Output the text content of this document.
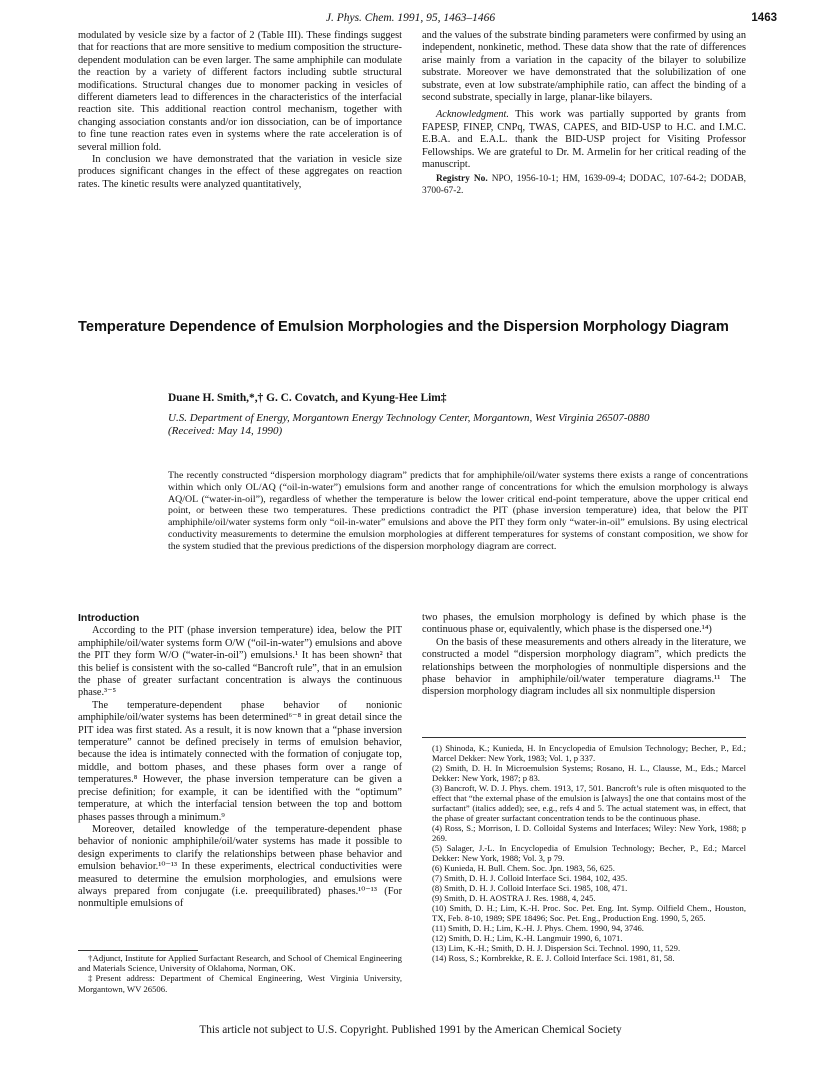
J. Phys. Chem. 1991, 95, 1463–1466	1463

modulated by vesicle size by a factor of 2 (Table III). These findings suggest that for reactions that are more sensitive to medium composition the structure-dependent modulation can be even larger. The same amphiphile can modulate the reaction by a variety of different factors including subtle structural modifications. Structural changes due to monomer packing in vesicles of different diameters lead to differences in the characteristics of the interfacial reaction site. This additional reaction control mechanism, together with changing association constants and/or ion dissociation, can be of importance to fine tune reaction rates even in systems where the rate acceleration is of several million fold.

In conclusion we have demonstrated that the variation in vesicle size produces significant changes in the effect of these aggregates on reaction rates. The kinetic results were analyzed quantitatively,

and the values of the substrate binding parameters were confirmed by using an independent, nonkinetic, method. These data show that the rate of differences arise mainly from a variation in the capacity of the bilayer to solubilize substrate. Moreover we have demonstrated that the solubilization of one substrate, even at low substrate/amphiphile ratio, can affect the binding of a second substrate, specially in large, planar-like bilayers.

Acknowledgment. This work was partially supported by grants from FAPESP, FINEP, CNPq, TWAS, CAPES, and BID-USP to H.C. and I.M.C. E.B.A. and E.A.L. thank the BID-USP project for Visiting Professor Fellowships. We are grateful to Dr. M. Armelin for her critical reading of the manuscript.

Registry No. NPO, 1956-10-1; HM, 1639-09-4; DODAC, 107-64-2; DODAB, 3700-67-2.

Temperature Dependence of Emulsion Morphologies and the Dispersion Morphology Diagram
Duane H. Smith,*,† G. C. Covatch, and Kyung-Hee Lim‡
U.S. Department of Energy, Morgantown Energy Technology Center, Morgantown, West Virginia 26507-0880
(Received: May 14, 1990)
The recently constructed “dispersion morphology diagram” predicts that for amphiphile/oil/water systems there exists a range of concentrations within which only OL/AQ (“oil-in-water”) emulsions form and another range of concentrations for which the emulsion morphology is always AQ/OL (“water-in-oil”), regardless of whether the temperature is below the lower critical end-point temperature, above the upper critical end point, or between these two temperatures. These predictions contradict the PIT (phase inversion temperature) idea, that below the PIT amphiphile/oil/water systems form only “oil-in-water” emulsions and above the PIT they form only “water-in-oil” emulsions. By using electrical conductivity measurements to determine the emulsion morphologies at different temperatures for systems of constant composition, we show for the system studied that the previous predictions of the dispersion morphology diagram are correct.

Introduction

According to the PIT (phase inversion temperature) idea, below the PIT amphiphile/oil/water systems form O/W (“oil-in-water”) emulsions and above the PIT they form W/O (“water-in-oil”) emulsions.¹ It has been shown² that this belief is consistent with the so-called “Bancroft rule”, that in an emulsion the phase of greater surfactant concentration is always the continuous phase.³⁻⁵

The temperature-dependent phase behavior of nonionic amphiphile/oil/water systems has been determined⁶⁻⁸ in great detail since the PIT idea was first stated. As a result, it is now known that a “phase inversion temperature” cannot be defined precisely in terms of emulsion behavior, because the idea is intimately connected with the formation of conjugate top, middle, and bottom phases, and these phases form over a range of temperatures.⁸ However, the phase inversion temperature can be given a precise definition; for example, it can be identified with the “optimum” temperature, at which the interfacial tension between the top and bottom phases passes through a minimum.⁹

Moreover, detailed knowledge of the temperature-dependent phase behavior of nonionic amphiphile/oil/water systems has made it possible to design experiments to clarify the relationships between phase behavior and emulsion behavior.¹⁰⁻¹³ In these experiments, electrical conductivities were measured to determine the emulsion morphologies, and emulsions were always prepared from conjugate (i.e. preequilibrated) phases.¹⁰⁻¹³ (For nonmultiple emulsions of

†Adjunct, Institute for Applied Surfactant Research, and School of Chemical Engineering and Materials Science, University of Oklahoma, Norman, OK.

‡Present address: Department of Chemical Engineering, West Virginia University, Morgantown, WV 26506.

two phases, the emulsion morphology is defined by which phase is the continuous phase or, equivalently, which phase is the dispersed one.¹⁴)

On the basis of these measurements and others already in the literature, we constructed a model “dispersion morphology diagram”, which predicts the relationships between the morphologies of nonmultiple dispersions and the phase behavior in amphiphile/oil/water temperature diagrams.¹¹ The dispersion morphology diagram includes all six nonmultiple dispersion

(1) Shinoda, K.; Kunieda, H. In Encyclopedia of Emulsion Technology; Becher, P., Ed.; Marcel Dekker: New York, 1983; Vol. 1, p 337.

(2) Smith, D. H. In Microemulsion Systems; Rosano, H. L., Clausse, M., Eds.; Marcel Dekker: New York, 1987; p 83.

(3) Bancroft, W. D. J. Phys. chem. 1913, 17, 501. Bancroft’s rule is often misquoted to the effect that “the external phase of the emulsion is [always] the one that contains most of the surfactant” (italics added); see, e.g., refs 4 and 5. The actual statement was, in effect, that the phase of greater surfactant concentration tends to be the continuous phase.

(4) Ross, S.; Morrison, I. D. Colloidal Systems and Interfaces; Wiley: New York, 1988; p 269.

(5) Salager, J.-L. In Encyclopedia of Emulsion Technology; Becher, P., Ed.; Marcel Dekker: New York, 1988; Vol. 3, p 79.

(6) Kunieda, H. Bull. Chem. Soc. Jpn. 1983, 56, 625.

(7) Smith, D. H. J. Colloid Interface Sci. 1984, 102, 435.

(8) Smith, D. H. J. Colloid Interface Sci. 1985, 108, 471.

(9) Smith, D. H. AOSTRA J. Res. 1988, 4, 245.

(10) Smith, D. H.; Lim, K.-H. Proc. Soc. Pet. Eng. Int. Symp. Oilfield Chem., Houston, TX, Feb. 8-10, 1989; SPE 18496; Soc. Pet. Eng., Production Eng. 1990, 5, 265.

(11) Smith, D. H.; Lim, K.-H. J. Phys. Chem. 1990, 94, 3746.

(12) Smith, D. H.; Lim, K.-H. Langmuir 1990, 6, 1071.

(13) Lim, K.-H.; Smith, D. H. J. Dispersion Sci. Technol. 1990, 11, 529.

(14) Ross, S.; Kornbrekke, R. E. J. Colloid Interface Sci. 1981, 81, 58.

This article not subject to U.S. Copyright. Published 1991 by the American Chemical Society
